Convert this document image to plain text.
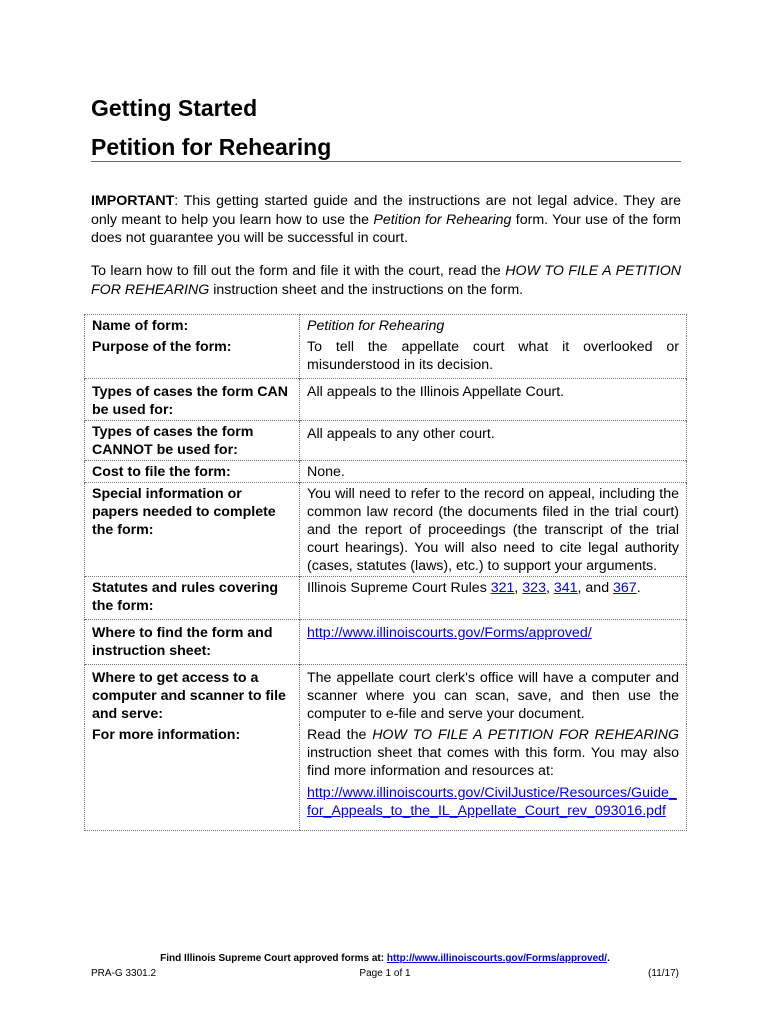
Getting Started
Petition for Rehearing
IMPORTANT: This getting started guide and the instructions are not legal advice. They are only meant to help you learn how to use the Petition for Rehearing form. Your use of the form does not guarantee you will be successful in court.
To learn how to fill out the form and file it with the court, read the HOW TO FILE A PETITION FOR REHEARING instruction sheet and the instructions on the form.
Name of form:	Petition for Rehearing
Purpose of the form:	To tell the appellate court what it overlooked or misunderstood in its decision.
Types of cases the form CAN be used for:	All appeals to the Illinois Appellate Court.
Types of cases the form CANNOT be used for:	All appeals to any other court.
Cost to file the form:	None.
Special information or papers needed to complete the form:	You will need to refer to the record on appeal, including the common law record (the documents filed in the trial court) and the report of proceedings (the transcript of the trial court hearings). You will also need to cite legal authority (cases, statutes (laws), etc.) to support your arguments.
Statutes and rules covering the form:	Illinois Supreme Court Rules 321, 323, 341, and 367.
Where to find the form and instruction sheet:	http://www.illinoiscourts.gov/Forms/approved/
Where to get access to a computer and scanner to file and serve:	The appellate court clerk's office will have a computer and scanner where you can scan, save, and then use the computer to e-file and serve your document.
For more information:	Read the HOW TO FILE A PETITION FOR REHEARING instruction sheet that comes with this form. You may also find more information and resources at:
http://www.illinoiscourts.gov/CivilJustice/Resources/Guide_for_Appeals_to_the_IL_Appellate_Court_rev_093016.pdf
Find Illinois Supreme Court approved forms at: http://www.illinoiscourts.gov/Forms/approved/.
PRA-G 3301.2	Page 1 of 1	(11/17)
